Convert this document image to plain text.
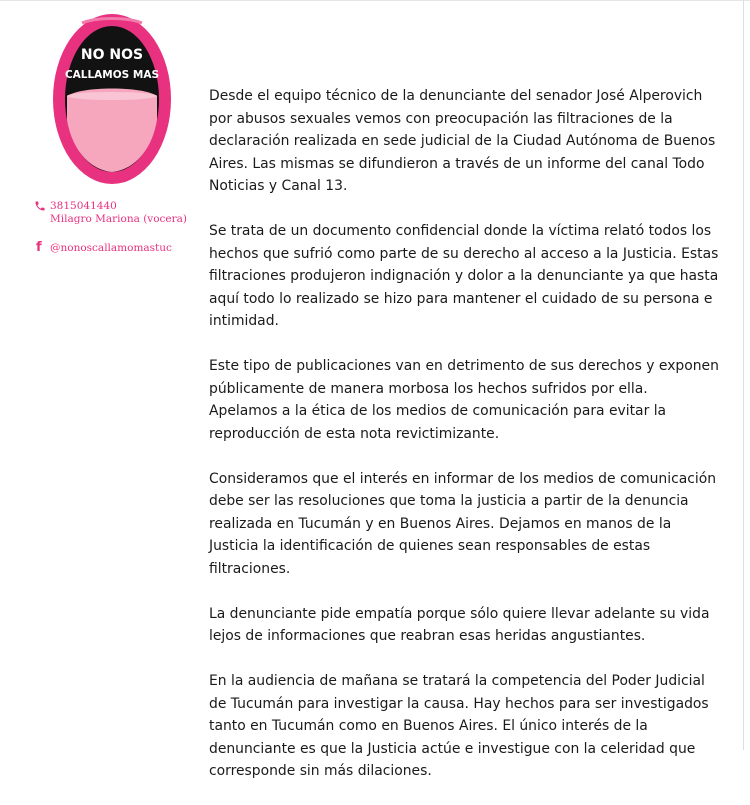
NO NOS
CALLAMOS MAS
3815041440
Milagro Mariona (vocera)
f @nonoscallamomastuc

Desde el equipo técnico de la denunciante del senador José Alperovich por abusos sexuales vemos con preocupación las filtraciones de la declaración realizada en sede judicial de la Ciudad Autónoma de Buenos Aires. Las mismas se difundieron a través de un informe del canal Todo Noticias y Canal 13.

Se trata de un documento confidencial donde la víctima relató todos los hechos que sufrió como parte de su derecho al acceso a la Justicia. Estas filtraciones produjeron indignación y dolor a la denunciante ya que hasta aquí todo lo realizado se hizo para mantener el cuidado de su persona e intimidad.

Este tipo de publicaciones van en detrimento de sus derechos y exponen públicamente de manera morbosa los hechos sufridos por ella. Apelamos a la ética de los medios de comunicación para evitar la reproducción de esta nota revictimizante.

Consideramos que el interés en informar de los medios de comunicación debe ser las resoluciones que toma la justicia a partir de la denuncia realizada en Tucumán y en Buenos Aires. Dejamos en manos de la Justicia la identificación de quienes sean responsables de estas filtraciones.

La denunciante pide empatía porque sólo quiere llevar adelante su vida lejos de informaciones que reabran esas heridas angustiantes.

En la audiencia de mañana se tratará la competencia del Poder Judicial de Tucumán para investigar la causa. Hay hechos para ser investigados tanto en Tucumán como en Buenos Aires. El único interés de la denunciante es que la Justicia actúe e investigue con la celeridad que corresponde sin más dilaciones.
